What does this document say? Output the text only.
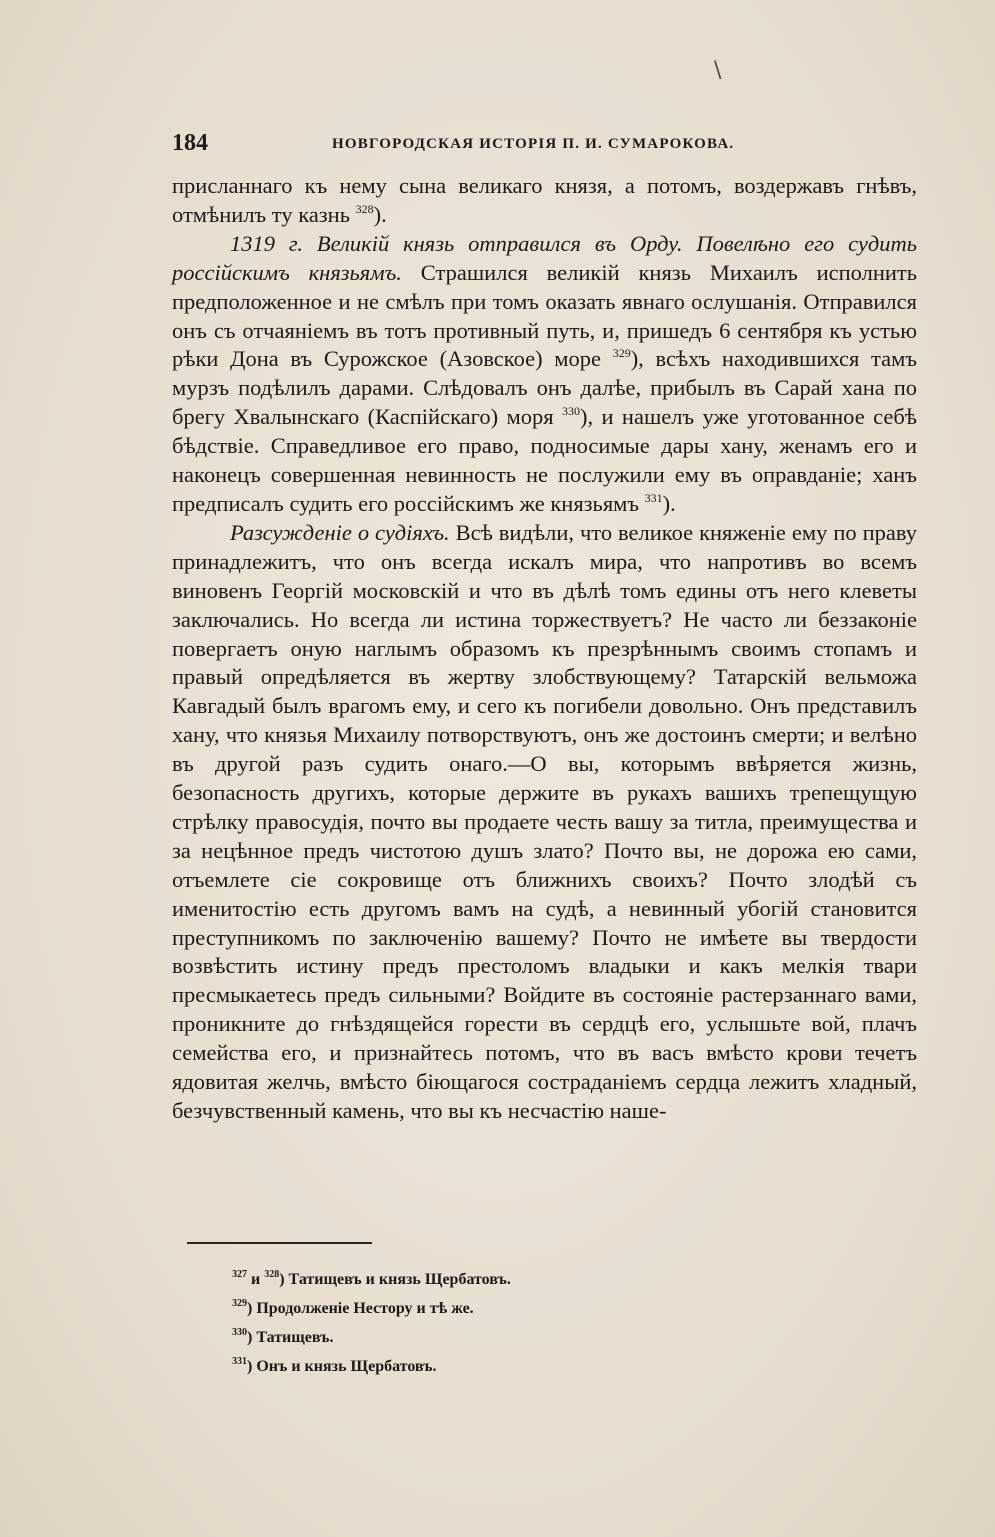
\
184	НОВГОРОДСКАЯ ИСТОРІЯ П. И. СУМАРОКОВА.

присланнаго къ нему сына великаго князя, а потомъ, воздержавъ гнѣвъ, отмѣнилъ ту казнь $^{328}$).

1319 г. Великій князь отправился въ Орду. Повелѣно его судить россійскимъ князьямъ. Страшился великій князь Михаилъ исполнить предположенное и не смѣлъ при томъ оказать явнаго ослушанія. Отправился онъ съ отчаяніемъ въ тотъ противный путь, и, пришедъ 6 сентября къ устью рѣки Дона въ Сурожское (Азовское) море $^{329}$), всѣхъ находившихся тамъ мурзъ подѣлилъ дарами. Слѣдовалъ онъ далѣе, прибылъ въ Сарай хана по брегу Хвалынскаго (Каспійскаго) моря $^{330}$), и нашелъ уже уготованное себѣ бѣдствіе. Справедливое его право, подносимые дары хану, женамъ его и наконецъ совершенная невинность не послужили ему въ оправданіе; ханъ предписалъ судить его россійскимъ же князьямъ $^{331}$).

Разсужденіе о судіяхъ. Всѣ видѣли, что великое княженіе ему по праву принадлежитъ, что онъ всегда искалъ мира, что напротивъ во всемъ виновенъ Георгій московскій и что въ дѣлѣ томъ едины отъ него клеветы заключались. Но всегда ли истина торжествуетъ? Не часто ли беззаконіе повергаетъ оную наглымъ образомъ къ презрѣннымъ своимъ стопамъ и правый опредѣляется въ жертву злобствующему? Татарскій вельможа Кавгадый былъ врагомъ ему, и сего къ погибели довольно. Онъ представилъ хану, что князья Михаилу потворствуютъ, онъ же достоинъ смерти; и велѣно въ другой разъ судить онаго.—О вы, которымъ ввѣряется жизнь, безопасность другихъ, которые держите въ рукахъ вашихъ трепещущую стрѣлку правосудія, почто вы продаете честь вашу за титла, преимущества и за нецѣнное предъ чистотою душъ злато? Почто вы, не дорожа ею сами, отъемлете сіе сокровище отъ ближнихъ своихъ? Почто злодѣй съ именитостію есть другомъ вамъ на судѣ, а невинный убогій становится преступникомъ по заключенію вашему? Почто не имѣете вы твердости возвѣстить истину предъ престоломъ владыки и какъ мелкія твари пресмыкаетесь предъ сильными? Войдите въ состояніе растерзаннаго вами, проникните до гнѣздящейся горести въ сердцѣ его, услышьте вой, плачъ семейства его, и признайтесь потомъ, что въ васъ вмѣсто крови течетъ ядовитая желчь, вмѣсто біющагося состраданіемъ сердца лежитъ хладный, безчувственный камень, что вы къ несчастію наше-

$^{327}$ и $^{328}$) Татищевъ и князь Щербатовъ.
$^{329}$) Продолженіе Нестору и тѣ же.
$^{330}$) Татищевъ.
$^{331}$) Онъ и князь Щербатовъ.
